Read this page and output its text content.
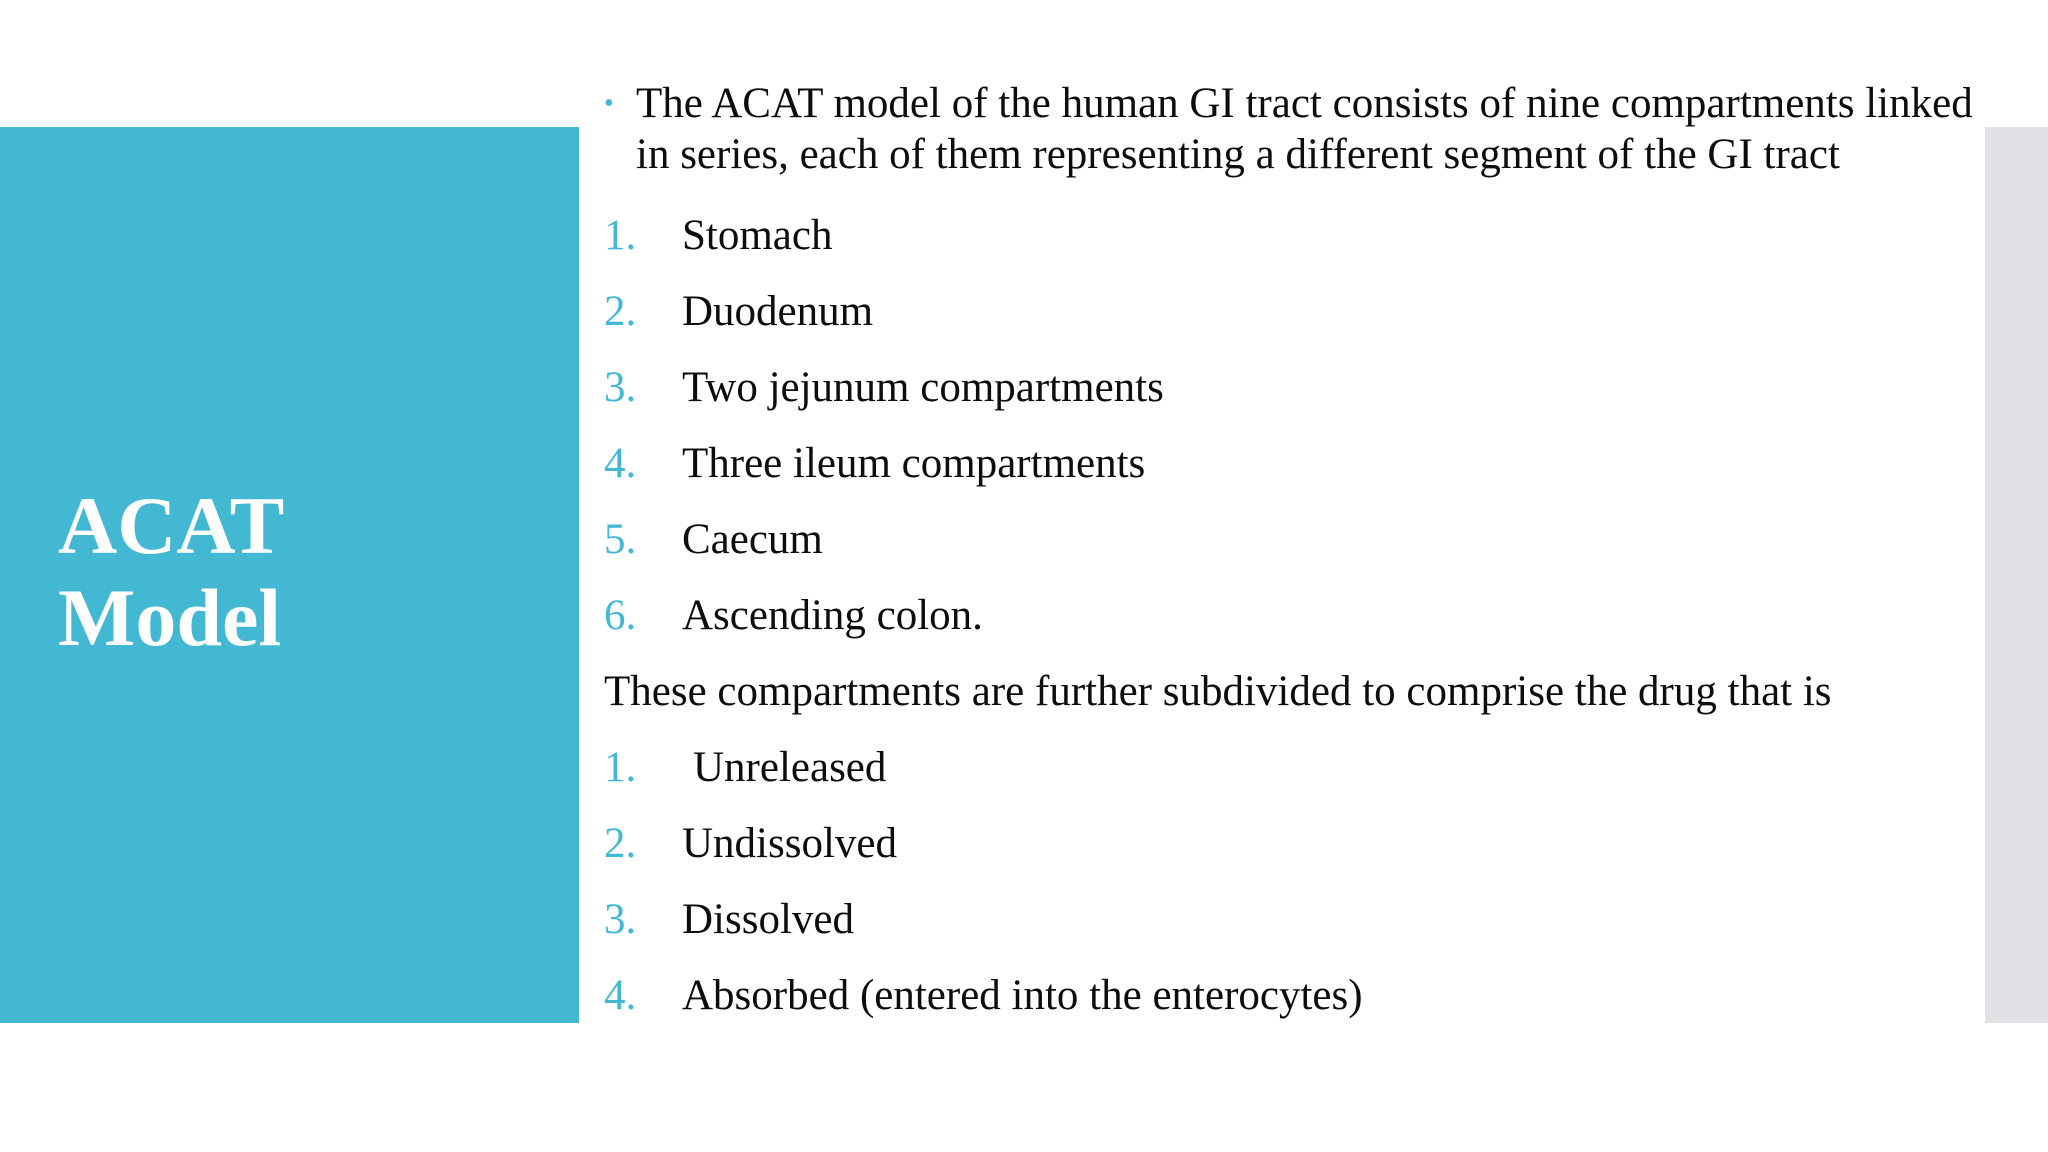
ACAT
Model

• The ACAT model of the human GI tract consists of nine compartments linked in series, each of them representing a different segment of the GI tract

1. Stomach
2. Duodenum
3. Two jejunum compartments
4. Three ileum compartments
5. Caecum
6. Ascending colon.
These compartments are further subdivided to comprise the drug that is
1. Unreleased
2. Undissolved
3. Dissolved
4. Absorbed (entered into the enterocytes)
